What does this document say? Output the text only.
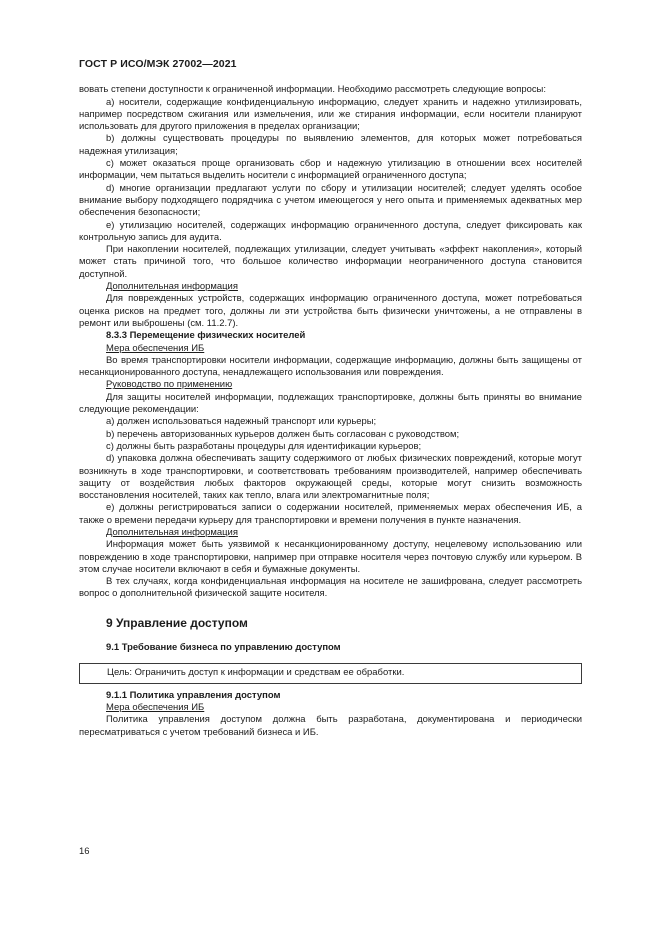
ГОСТ Р ИСО/МЭК 27002—2021

вовать степени доступности к ограниченной информации. Необходимо рассмотреть следующие вопросы:

a) носители, содержащие конфиденциальную информацию, следует хранить и надежно утилизировать, например посредством сжигания или измельчения, или же стирания информации, если носители планируют использовать для другого приложения в пределах организации;

b) должны существовать процедуры по выявлению элементов, для которых может потребоваться надежная утилизация;

c) может оказаться проще организовать сбор и надежную утилизацию в отношении всех носителей информации, чем пытаться выделить носители с информацией ограниченного доступа;

d) многие организации предлагают услуги по сбору и утилизации носителей; следует уделять особое внимание выбору подходящего подрядчика с учетом имеющегося у него опыта и применяемых адекватных мер обеспечения безопасности;

e) утилизацию носителей, содержащих информацию ограниченного доступа, следует фиксировать как контрольную запись для аудита.

При накоплении носителей, подлежащих утилизации, следует учитывать «эффект накопления», который может стать причиной того, что большое количество информации неограниченного доступа становится доступной.

Дополнительная информация

Для поврежденных устройств, содержащих информацию ограниченного доступа, может потребоваться оценка рисков на предмет того, должны ли эти устройства быть физически уничтожены, а не отправлены в ремонт или выброшены (см. 11.2.7).

8.3.3 Перемещение физических носителей

Мера обеспечения ИБ

Во время транспортировки носители информации, содержащие информацию, должны быть защищены от несанкционированного доступа, ненадлежащего использования или повреждения.

Руководство по применению

Для защиты носителей информации, подлежащих транспортировке, должны быть приняты во внимание следующие рекомендации:

a) должен использоваться надежный транспорт или курьеры;

b) перечень авторизованных курьеров должен быть согласован с руководством;

c) должны быть разработаны процедуры для идентификации курьеров;

d) упаковка должна обеспечивать защиту содержимого от любых физических повреждений, которые могут возникнуть в ходе транспортировки, и соответствовать требованиям производителей, например обеспечивать защиту от воздействия любых факторов окружающей среды, которые могут снизить возможность восстановления носителей, таких как тепло, влага или электромагнитные поля;

e) должны регистрироваться записи о содержании носителей, применяемых мерах обеспечения ИБ, а также о времени передачи курьеру для транспортировки и времени получения в пункте назначения.

Дополнительная информация

Информация может быть уязвимой к несанкционированному доступу, нецелевому использованию или повреждению в ходе транспортировки, например при отправке носителя через почтовую службу или курьером. В этом случае носители включают в себя и бумажные документы.

В тех случаях, когда конфиденциальная информация на носителе не зашифрована, следует рассмотреть вопрос о дополнительной физической защите носителя.

9 Управление доступом
9.1 Требование бизнеса по управлению доступом
Цель: Ограничить доступ к информации и средствам ее обработки.

9.1.1 Политика управления доступом

Мера обеспечения ИБ

Политика управления доступом должна быть разработана, документирована и периодически пересматриваться с учетом требований бизнеса и ИБ.

16
